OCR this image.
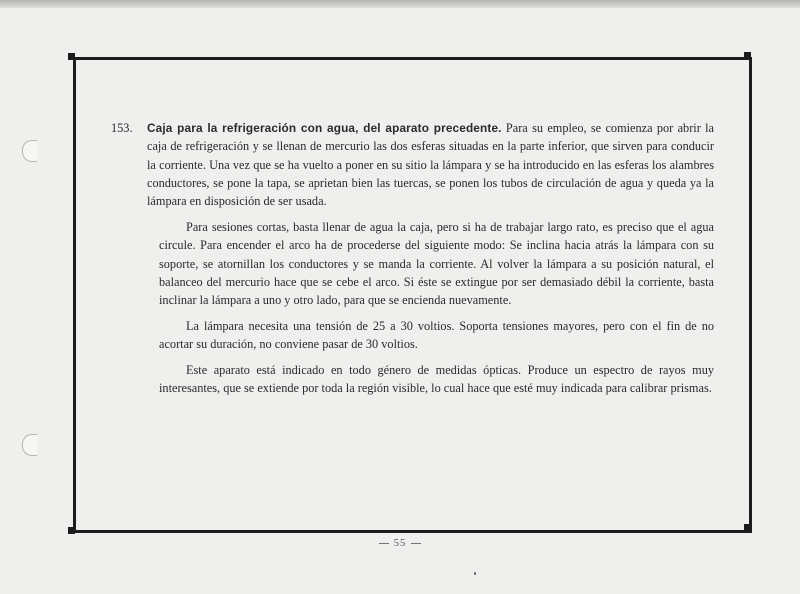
153. Caja para la refrigeración con agua, del aparato precedente. Para su empleo, se comienza por abrir la caja de refrigeración y se llenan de mercurio las dos esferas situadas en la parte inferior, que sirven para conducir la corriente. Una vez que se ha vuelto a poner en su sitio la lámpara y se ha introducido en las esferas los alambres conductores, se pone la tapa, se aprietan bien las tuercas, se ponen los tubos de circulación de agua y queda ya la lámpara en disposición de ser usada.

Para sesiones cortas, basta llenar de agua la caja, pero si ha de trabajar largo rato, es preciso que el agua circule. Para encender el arco ha de procederse del siguiente modo: Se inclina hacia atrás la lámpara con su soporte, se atornillan los conductores y se manda la corriente. Al volver la lámpara a su posición natural, el balanceo del mercurio hace que se cebe el arco. Si éste se extingue por ser demasiado débil la corriente, basta inclinar la lámpara a uno y otro lado, para que se encienda nuevamente.

La lámpara necesita una tensión de 25 a 30 voltios. Soporta tensiones mayores, pero con el fin de no acortar su duración, no conviene pasar de 30 voltios.

Este aparato está indicado en todo género de medidas ópticas. Produce un espectro de rayos muy interesantes, que se extiende por toda la región visible, lo cual hace que esté muy indicada para calibrar prismas.

55
